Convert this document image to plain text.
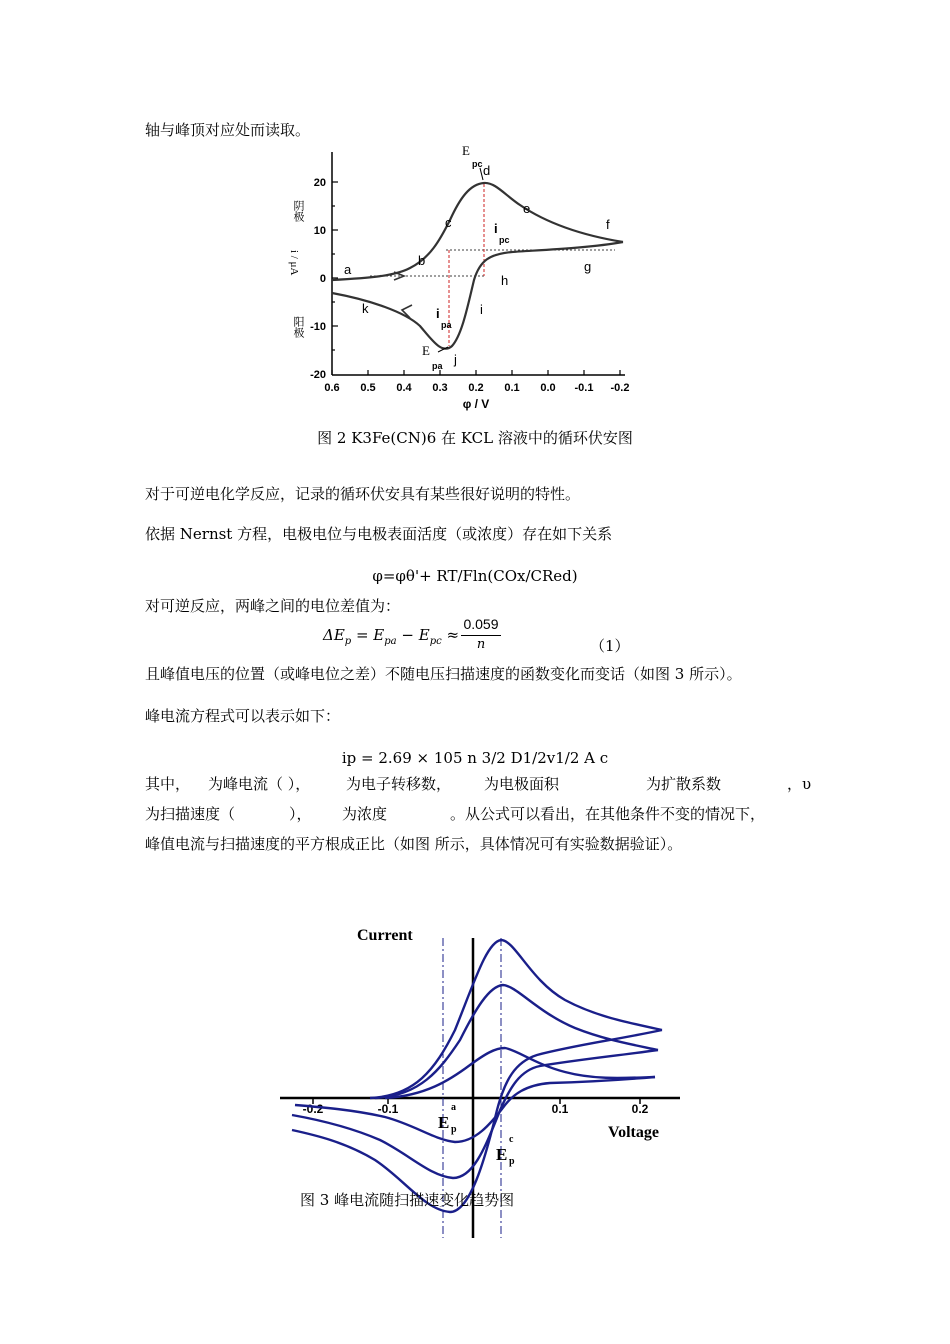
轴与峰顶对应处而读取。
20
10
0
-10
-20
0.6 0.5 0.4 0.3 0.2 0.1 0.0 -0.1 -0.2
φ / V
阴极
i / μA
阳极
a
b
c
d
e
f
g
h
i
j
k
E
pc
E
pa
i
pc
i
pa
图 2 K3Fe(CN)6 在 KCL 溶液中的循环伏安图
对于可逆电化学反应，记录的循环伏安具有某些很好说明的特性。
依据 Nernst 方程，电极电位与电极表面活度（或浓度）存在如下关系
φ=φθ'+ RT/Fln(COx/CRed)
对可逆反应，两峰之间的电位差值为：
$\Delta E_p = E_{pa} - E_{pc}$ ≈
0.059
n	（1）
且峰值电压的位置（或峰电位之差）不随电压扫描速度的函数变化而变话（如图 3 所示）。
峰电流方程式可以表示如下：
ip = 2.69 × 105 n 3/2 D1/2v1/2 A c
其中， 为峰电流（ ）， 为电子转移数， 为电极面积	为扩散系数	，υ
为扫描速度（	）， 为浓度	。从公式可以看出，在其他条件不变的情况下，
峰值电流与扫描速度的平方根成正比（如图 所示，具体情况可有实验数据验证）。
-0.2	-0.1	0.1	0.2
Current
Voltage
E
a
p
E
c
p
图 3 峰电流随扫描速变化趋势图
